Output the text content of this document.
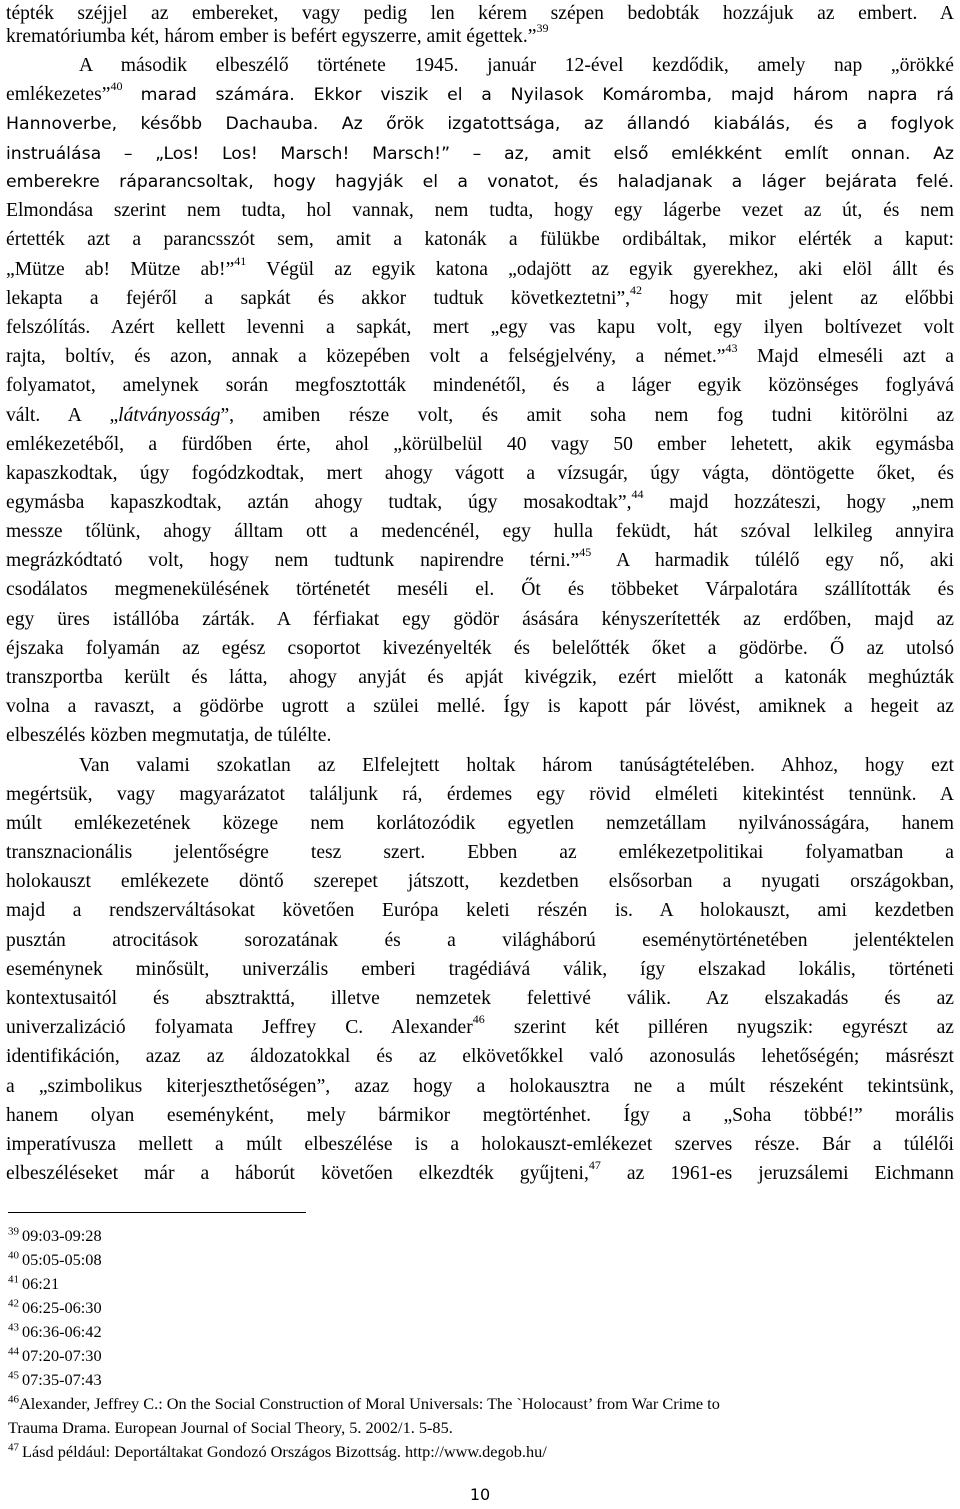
tépték széjjel az embereket, vagy pedig len kérem szépen bedobták hozzájuk az embert. A
krematóriumba két, három ember is befért egyszerre, amit égettek.”$^{39}$
A második elbeszélő története 1945. január 12-ével kezdődik, amely nap „örökké
emlékezetes”$^{40}$ marad számára. Ekkor viszik el a Nyilasok Komáromba, majd három napra rá
Hannoverbe, később Dachauba. Az őrök izgatottsága, az állandó kiabálás, és a foglyok
instruálása – „Los! Los! Marsch! Marsch!” – az, amit első emlékként említ onnan. Az
emberekre ráparancsoltak, hogy hagyják el a vonatot, és haladjanak a láger bejárata felé.
Elmondása szerint nem tudta, hol vannak, nem tudta, hogy egy lágerbe vezet az út, és nem
értették azt a parancsszót sem, amit a katonák a fülükbe ordibáltak, mikor elérték a kaput:
„Mütze ab! Mütze ab!”$^{41}$ Végül az egyik katona „odajött az egyik gyerekhez, aki elöl állt és
lekapta a fejéről a sapkát és akkor tudtuk következtetni”,$^{42}$ hogy mit jelent az előbbi
felszólítás. Azért kellett levenni a sapkát, mert „egy vas kapu volt, egy ilyen boltívezet volt
rajta, boltív, és azon, annak a közepében volt a felségjelvény, a német.”$^{43}$ Majd elmeséli azt a
folyamatot, amelynek során megfosztották mindenétől, és a láger egyik közönséges foglyává
vált. A „látványosság”, amiben része volt, és amit soha nem fog tudni kitörölni az
emlékezetéből, a fürdőben érte, ahol „körülbelül 40 vagy 50 ember lehetett, akik egymásba
kapaszkodtak, úgy fogódzkodtak, mert ahogy vágott a vízsugár, úgy vágta, döntögette őket, és
egymásba kapaszkodtak, aztán ahogy tudtak, úgy mosakodtak”,$^{44}$ majd hozzáteszi, hogy „nem
messze tőlünk, ahogy álltam ott a medencénél, egy hulla feküdt, hát szóval lelkileg annyira
megrázkódtató volt, hogy nem tudtunk napirendre térni.”$^{45}$ A harmadik túlélő egy nő, aki
csodálatos megmenekülésének történetét meséli el. Őt és többeket Várpalotára szállították és
egy üres istállóba zárták. A férfiakat egy gödör ásására kényszerítették az erdőben, majd az
éjszaka folyamán az egész csoportot kivezényelték és belelőtték őket a gödörbe. Ő az utolsó
transzportba került és látta, ahogy anyját és apját kivégzik, ezért mielőtt a katonák meghúzták
volna a ravaszt, a gödörbe ugrott a szülei mellé. Így is kapott pár lövést, amiknek a hegeit az
elbeszélés közben megmutatja, de túlélte.
Van valami szokatlan az Elfelejtett holtak három tanúságtételében. Ahhoz, hogy ezt
megértsük, vagy magyarázatot találjunk rá, érdemes egy rövid elméleti kitekintést tennünk. A
múlt emlékezetének közege nem korlátozódik egyetlen nemzetállam nyilvánosságára, hanem
transznacionális jelentőségre tesz szert. Ebben az emlékezetpolitikai folyamatban a
holokauszt emlékezete döntő szerepet játszott, kezdetben elsősorban a nyugati országokban,
majd a rendszerváltásokat követően Európa keleti részén is. A holokauszt, ami kezdetben
pusztán atrocitások sorozatának és a világháború eseménytörténetében jelentéktelen
eseménynek minősült, univerzális emberi tragédiává válik, így elszakad lokális, történeti
kontextusaitól és absztrakttá, illetve nemzetek felettivé válik. Az elszakadás és az
univerzalizáció folyamata Jeffrey C. Alexander$^{46}$ szerint két pilléren nyugszik: egyrészt az
identifikáción, azaz az áldozatokkal és az elkövetőkkel való azonosulás lehetőségén; másrészt
a „szimbolikus kiterjeszthetőségen”, azaz hogy a holokausztra ne a múlt részeként tekintsünk,
hanem olyan eseményként, mely bármikor megtörténhet. Így a „Soha többé!” morális
imperatívusza mellett a múlt elbeszélése is a holokauszt-emlékezet szerves része. Bár a túlélői
elbeszéléseket már a háborút követően elkezdték gyűjteni,$^{47}$ az 1961-es jeruzsálemi Eichmann
$^{39}$ 09:03-09:28
$^{40}$ 05:05-05:08
$^{41}$ 06:21
$^{42}$ 06:25-06:30
$^{43}$ 06:36-06:42
$^{44}$ 07:20-07:30
$^{45}$ 07:35-07:43
$^{46}$Alexander, Jeffrey C.: On the Social Construction of Moral Universals: The `Holocaust’ from War Crime to
Trauma Drama. European Journal of Social Theory, 5. 2002/1. 5-85.
$^{47}$ Lásd például: Deportáltakat Gondozó Országos Bizottság. http://www.degob.hu/
10
